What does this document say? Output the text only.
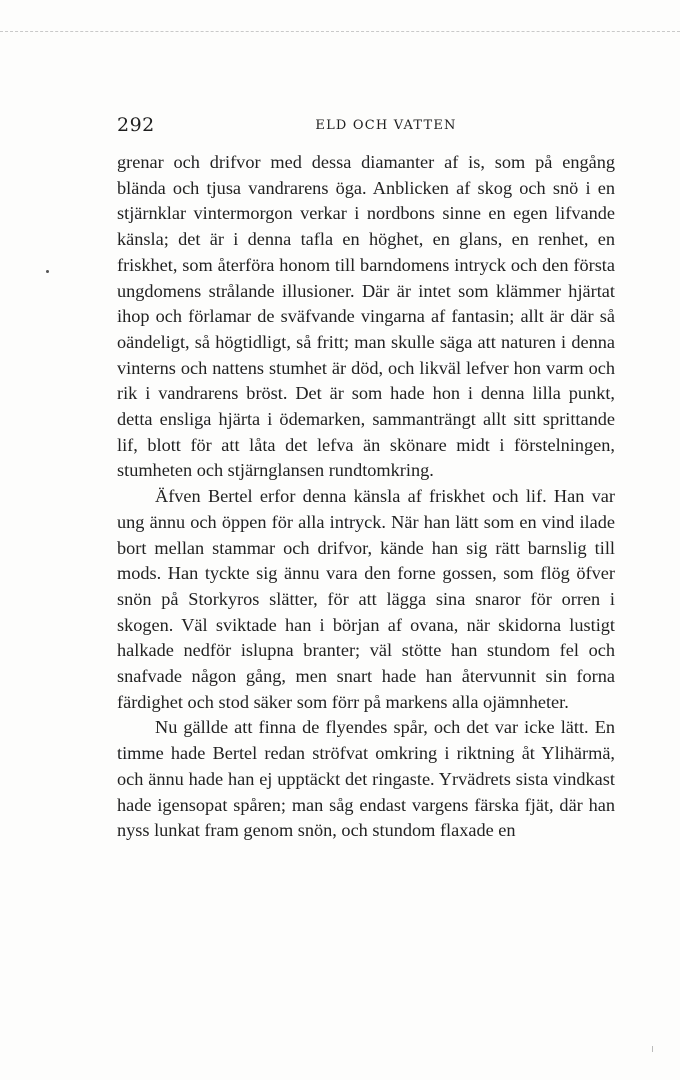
292	ELD OCH VATTEN

grenar och drifvor med dessa diamanter af is, som på engång blända och tjusa vandrarens öga. Anblicken af skog och snö i en stjärnklar vintermorgon verkar i nordbons sinne en egen lifvande känsla; det är i denna tafla en höghet, en glans, en renhet, en friskhet, som återföra honom till barndomens intryck och den första ungdomens strålande illusioner. Där är intet som klämmer hjärtat ihop och förlamar de sväfvande vingarna af fantasin; allt är där så oändeligt, så högtidligt, så fritt; man skulle säga att naturen i denna vinterns och nattens stumhet är död, och likväl lefver hon varm och rik i vandrarens bröst. Det är som hade hon i denna lilla punkt, detta ensliga hjärta i ödemarken, sammanträngt allt sitt sprittande lif, blott för att låta det lefva än skönare midt i förstelningen, stumheten och stjärnglansen rundtomkring.

Äfven Bertel erfor denna känsla af friskhet och lif. Han var ung ännu och öppen för alla intryck. När han lätt som en vind ilade bort mellan stammar och drifvor, kände han sig rätt barnslig till mods. Han tyckte sig ännu vara den forne gossen, som flög öfver snön på Storkyros slätter, för att lägga sina snaror för orren i skogen. Väl sviktade han i början af ovana, när skidorna lustigt halkade nedför islupna branter; väl stötte han stundom fel och snafvade någon gång, men snart hade han återvunnit sin forna färdighet och stod säker som förr på markens alla ojämnheter.

Nu gällde att finna de flyendes spår, och det var icke lätt. En timme hade Bertel redan ströfvat omkring i riktning åt Ylihärmä, och ännu hade han ej upptäckt det ringaste. Yrvädrets sista vindkast hade igensopat spåren; man såg endast vargens färska fjät, där han nyss lunkat fram genom snön, och stundom flaxade en
